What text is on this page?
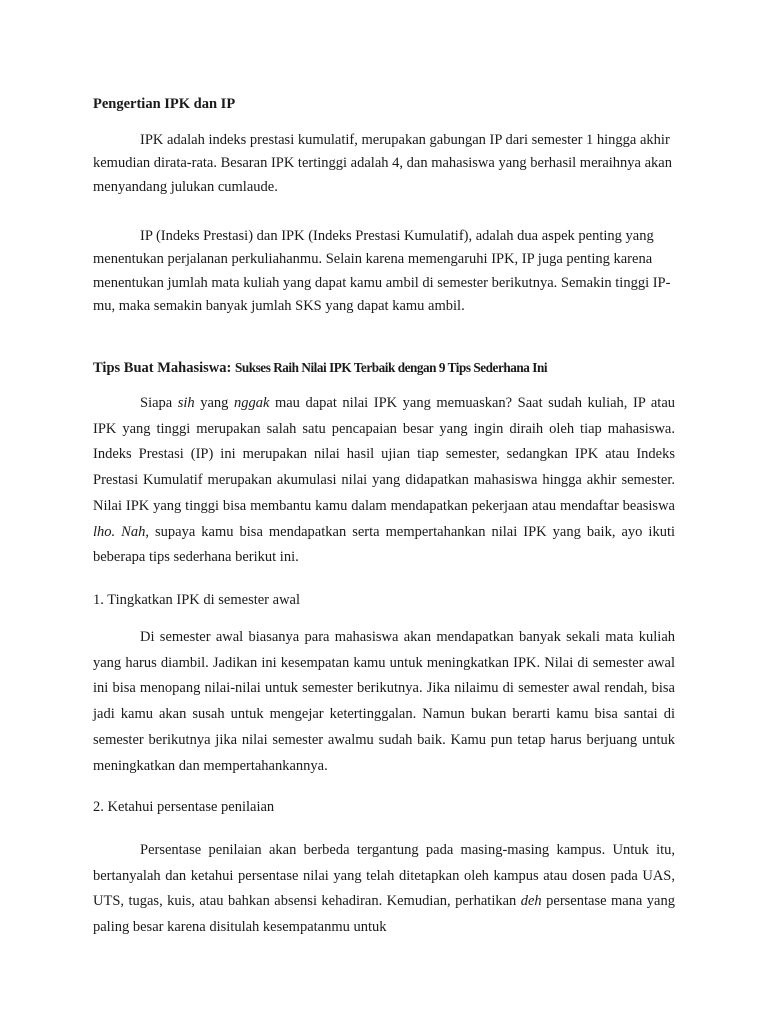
Pengertian IPK dan IP

IPK adalah indeks prestasi kumulatif, merupakan gabungan IP dari semester 1 hingga akhir kemudian dirata-rata. Besaran IPK tertinggi adalah 4, dan mahasiswa yang berhasil meraihnya akan menyandang julukan cumlaude.

IP (Indeks Prestasi) dan IPK (Indeks Prestasi Kumulatif), adalah dua aspek penting yang menentukan perjalanan perkuliahanmu. Selain karena memengaruhi IPK, IP juga penting karena menentukan jumlah mata kuliah yang dapat kamu ambil di semester berikutnya. Semakin tinggi IP-mu, maka semakin banyak jumlah SKS yang dapat kamu ambil.

Tips Buat Mahasiswa: Sukses Raih Nilai IPK Terbaik dengan 9 Tips Sederhana Ini

Siapa sih yang nggak mau dapat nilai IPK yang memuaskan? Saat sudah kuliah, IP atau IPK yang tinggi merupakan salah satu pencapaian besar yang ingin diraih oleh tiap mahasiswa. Indeks Prestasi (IP) ini merupakan nilai hasil ujian tiap semester, sedangkan IPK atau Indeks Prestasi Kumulatif merupakan akumulasi nilai yang didapatkan mahasiswa hingga akhir semester. Nilai IPK yang tinggi bisa membantu kamu dalam mendapatkan pekerjaan atau mendaftar beasiswa lho. Nah, supaya kamu bisa mendapatkan serta mempertahankan nilai IPK yang baik, ayo ikuti beberapa tips sederhana berikut ini.

1. Tingkatkan IPK di semester awal

Di semester awal biasanya para mahasiswa akan mendapatkan banyak sekali mata kuliah yang harus diambil. Jadikan ini kesempatan kamu untuk meningkatkan IPK. Nilai di semester awal ini bisa menopang nilai-nilai untuk semester berikutnya. Jika nilaimu di semester awal rendah, bisa jadi kamu akan susah untuk mengejar ketertinggalan. Namun bukan berarti kamu bisa santai di semester berikutnya jika nilai semester awalmu sudah baik. Kamu pun tetap harus berjuang untuk meningkatkan dan mempertahankannya.

2. Ketahui persentase penilaian

Persentase penilaian akan berbeda tergantung pada masing-masing kampus. Untuk itu, bertanyalah dan ketahui persentase nilai yang telah ditetapkan oleh kampus atau dosen pada UAS, UTS, tugas, kuis, atau bahkan absensi kehadiran. Kemudian, perhatikan deh persentase mana yang paling besar karena disitulah kesempatanmu untuk
